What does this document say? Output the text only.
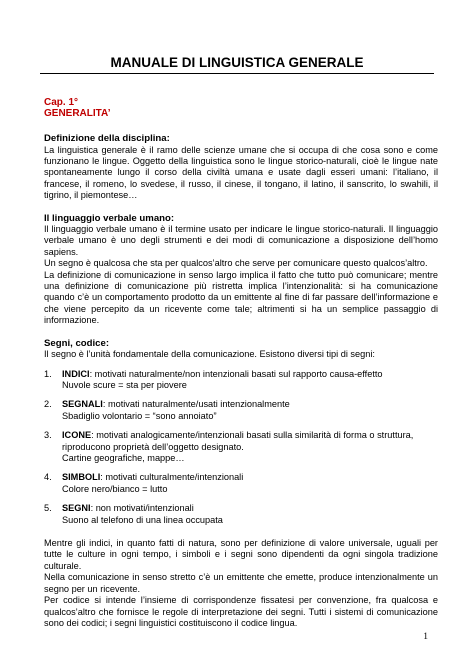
MANUALE DI LINGUISTICA GENERALE
Cap. 1°
GENERALITA’
Definizione della disciplina:

La linguistica generale è il ramo delle scienze umane che si occupa di che cosa sono e come funzionano le lingue. Oggetto della linguistica sono le lingue storico-naturali, cioè le lingue nate spontaneamente lungo il corso della civiltà umana e usate dagli esseri umani: l’italiano, il francese, il romeno, lo svedese, il russo, il cinese, il tongano, il latino, il sanscrito, lo swahili, il tigrino, il piemontese…

Il linguaggio verbale umano:

Il linguaggio verbale umano è il termine usato per indicare le lingue storico-naturali. Il linguaggio verbale umano è uno degli strumenti e dei modi di comunicazione a disposizione dell’homo sapiens.

Un segno è qualcosa che sta per qualcos’altro che serve per comunicare questo qualcos’altro.

La definizione di comunicazione in senso largo implica il fatto che tutto può comunicare; mentre una definizione di comunicazione più ristretta implica l’intenzionalità: si ha comunicazione quando c’è un comportamento prodotto da un emittente al fine di far passare dell’informazione e che viene percepito da un ricevente come tale; altrimenti si ha un semplice passaggio di informazione.

Segni, codice:

Il segno è l’unità fondamentale della comunicazione. Esistono diversi tipi di segni:

1.	INDICI: motivati naturalmente/non intenzionali basati sul rapporto causa-effetto
Nuvole scure = sta per piovere
2.	SEGNALI: motivati naturalmente/usati intenzionalmente
Sbadiglio volontario = “sono annoiato”
3.	ICONE: motivati analogicamente/intenzionali basati sulla similarità di forma o struttura, riproducono proprietà dell’oggetto designato.
Cartine geografiche, mappe…
4.	SIMBOLI: motivati culturalmente/intenzionali
Colore nero/bianco = lutto
5.	SEGNI: non motivati/intenzionali
Suono al telefono di una linea occupata

Mentre gli indici, in quanto fatti di natura, sono per definizione di valore universale, uguali per tutte le culture in ogni tempo, i simboli e i segni sono dipendenti da ogni singola tradizione culturale.

Nella comunicazione in senso stretto c’è un emittente che emette, produce intenzionalmente un segno per un ricevente.

Per codice si intende l’insieme di corrispondenze fissatesi per convenzione, fra qualcosa e qualcos’altro che fornisce le regole di interpretazione dei segni. Tutti i sistemi di comunicazione sono dei codici; i segni linguistici costituiscono il codice lingua.

1
